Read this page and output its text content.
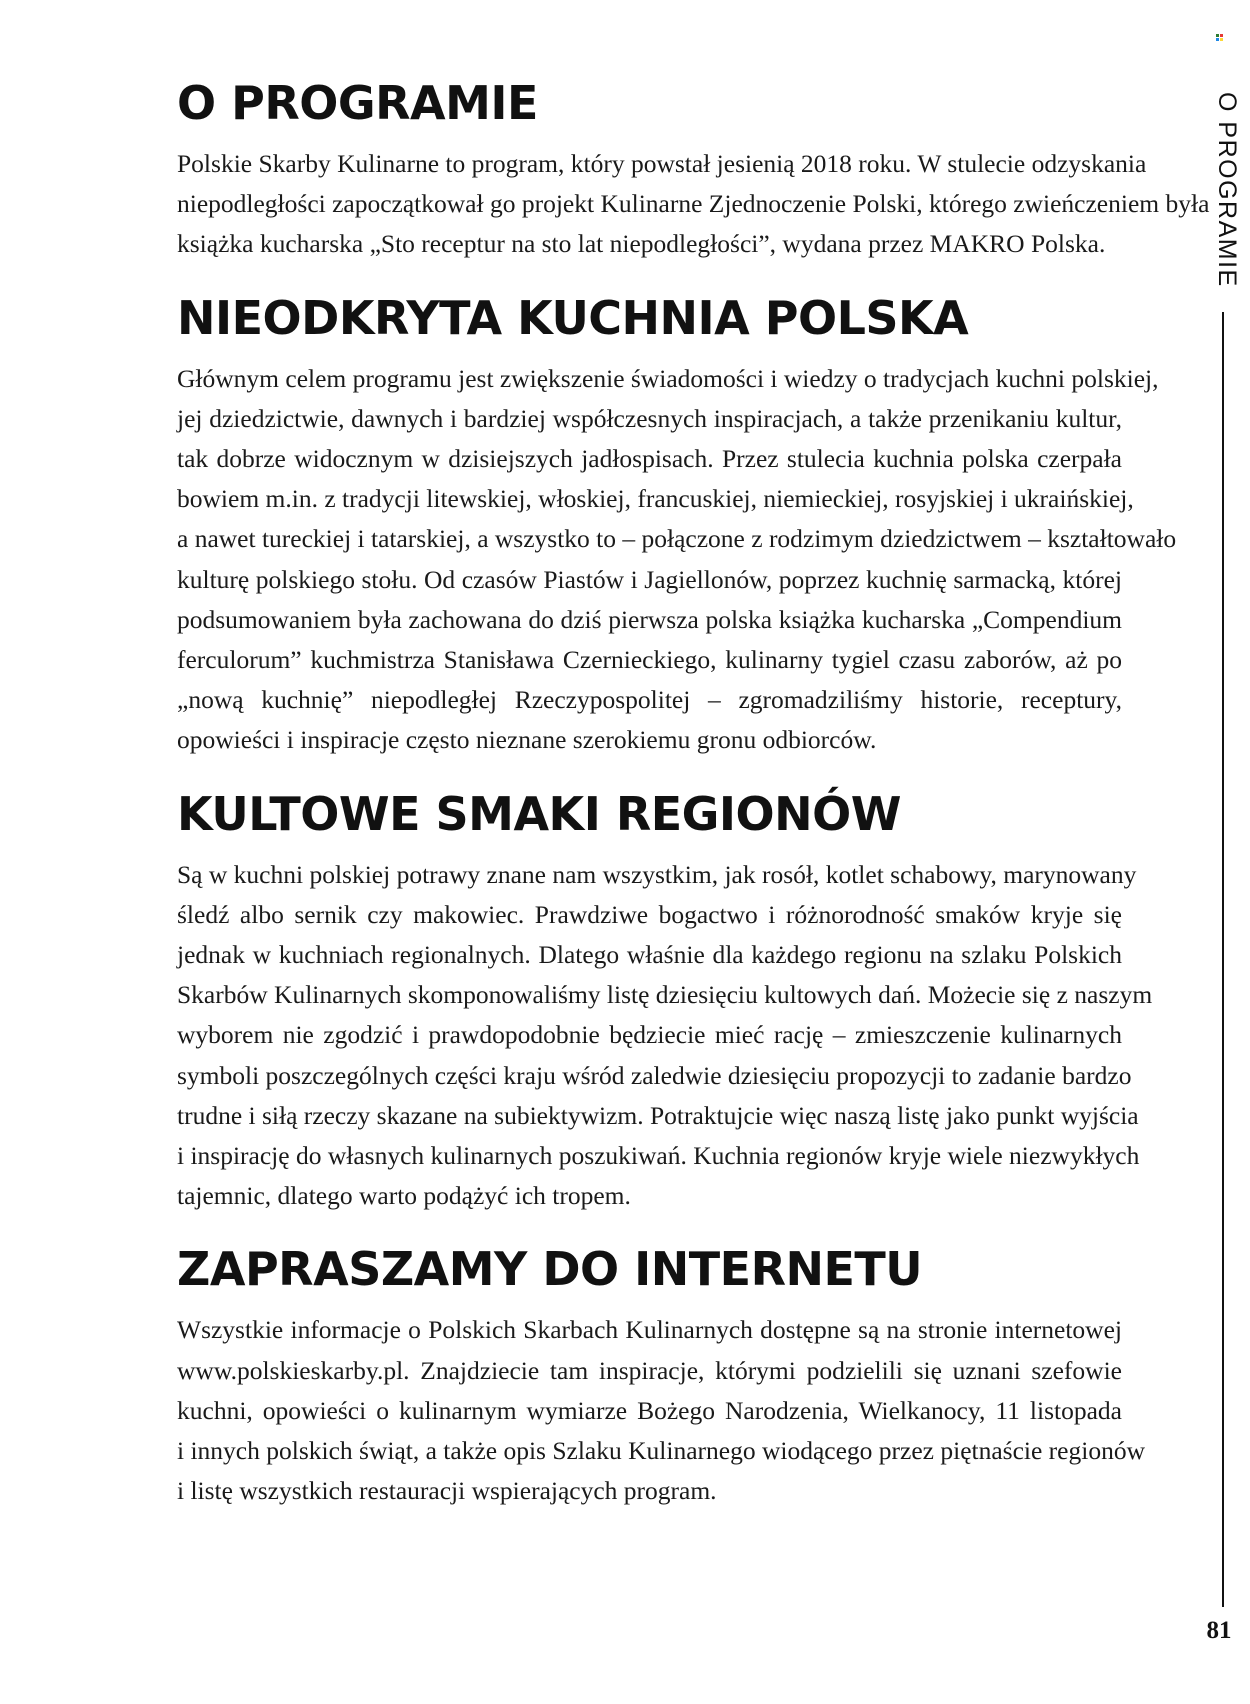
O PROGRAMIE

Polskie Skarby Kulinarne to program, który powstał jesienią 2018 roku. W stulecie odzyskania
niepodległości zapoczątkował go projekt Kulinarne Zjednoczenie Polski, którego zwieńczeniem była
książka kucharska „Sto receptur na sto lat niepodległości”, wydana przez MAKRO Polska.

NIEODKRYTA KUCHNIA POLSKA

Głównym celem programu jest zwiększenie świadomości i wiedzy o tradycjach kuchni polskiej,
jej dziedzictwie, dawnych i bardziej współczesnych inspiracjach, a także przenikaniu kultur,
tak dobrze widocznym w dzisiejszych jadłospisach. Przez stulecia kuchnia polska czerpała
bowiem m.in. z tradycji litewskiej, włoskiej, francuskiej, niemieckiej, rosyjskiej i ukraińskiej,
a nawet tureckiej i tatarskiej, a wszystko to – połączone z rodzimym dziedzictwem – kształtowało
kulturę polskiego stołu. Od czasów Piastów i Jagiellonów, poprzez kuchnię sarmacką, której
podsumowaniem była zachowana do dziś pierwsza polska książka kucharska „Compendium
ferculorum” kuchmistrza Stanisława Czernieckiego, kulinarny tygiel czasu zaborów, aż po
„nową kuchnię” niepodległej Rzeczypospolitej – zgromadziliśmy historie, receptury,
opowieści i inspiracje często nieznane szerokiemu gronu odbiorców.

KULTOWE SMAKI REGIONÓW

Są w kuchni polskiej potrawy znane nam wszystkim, jak rosół, kotlet schabowy, marynowany
śledź albo sernik czy makowiec. Prawdziwe bogactwo i różnorodność smaków kryje się
jednak w kuchniach regionalnych. Dlatego właśnie dla każdego regionu na szlaku Polskich
Skarbów Kulinarnych skomponowaliśmy listę dziesięciu kultowych dań. Możecie się z naszym
wyborem nie zgodzić i prawdopodobnie będziecie mieć rację – zmieszczenie kulinarnych
symboli poszczególnych części kraju wśród zaledwie dziesięciu propozycji to zadanie bardzo
trudne i siłą rzeczy skazane na subiektywizm. Potraktujcie więc naszą listę jako punkt wyjścia
i inspirację do własnych kulinarnych poszukiwań. Kuchnia regionów kryje wiele niezwykłych
tajemnic, dlatego warto podążyć ich tropem.

ZAPRASZAMY DO INTERNETU

Wszystkie informacje o Polskich Skarbach Kulinarnych dostępne są na stronie internetowej
www.polskieskarby.pl. Znajdziecie tam inspiracje, którymi podzielili się uznani szefowie
kuchni, opowieści o kulinarnym wymiarze Bożego Narodzenia, Wielkanocy, 11 listopada
i innych polskich świąt, a także opis Szlaku Kulinarnego wiodącego przez piętnaście regionów
i listę wszystkich restauracji wspierających program.

O PROGRAMIE
81
